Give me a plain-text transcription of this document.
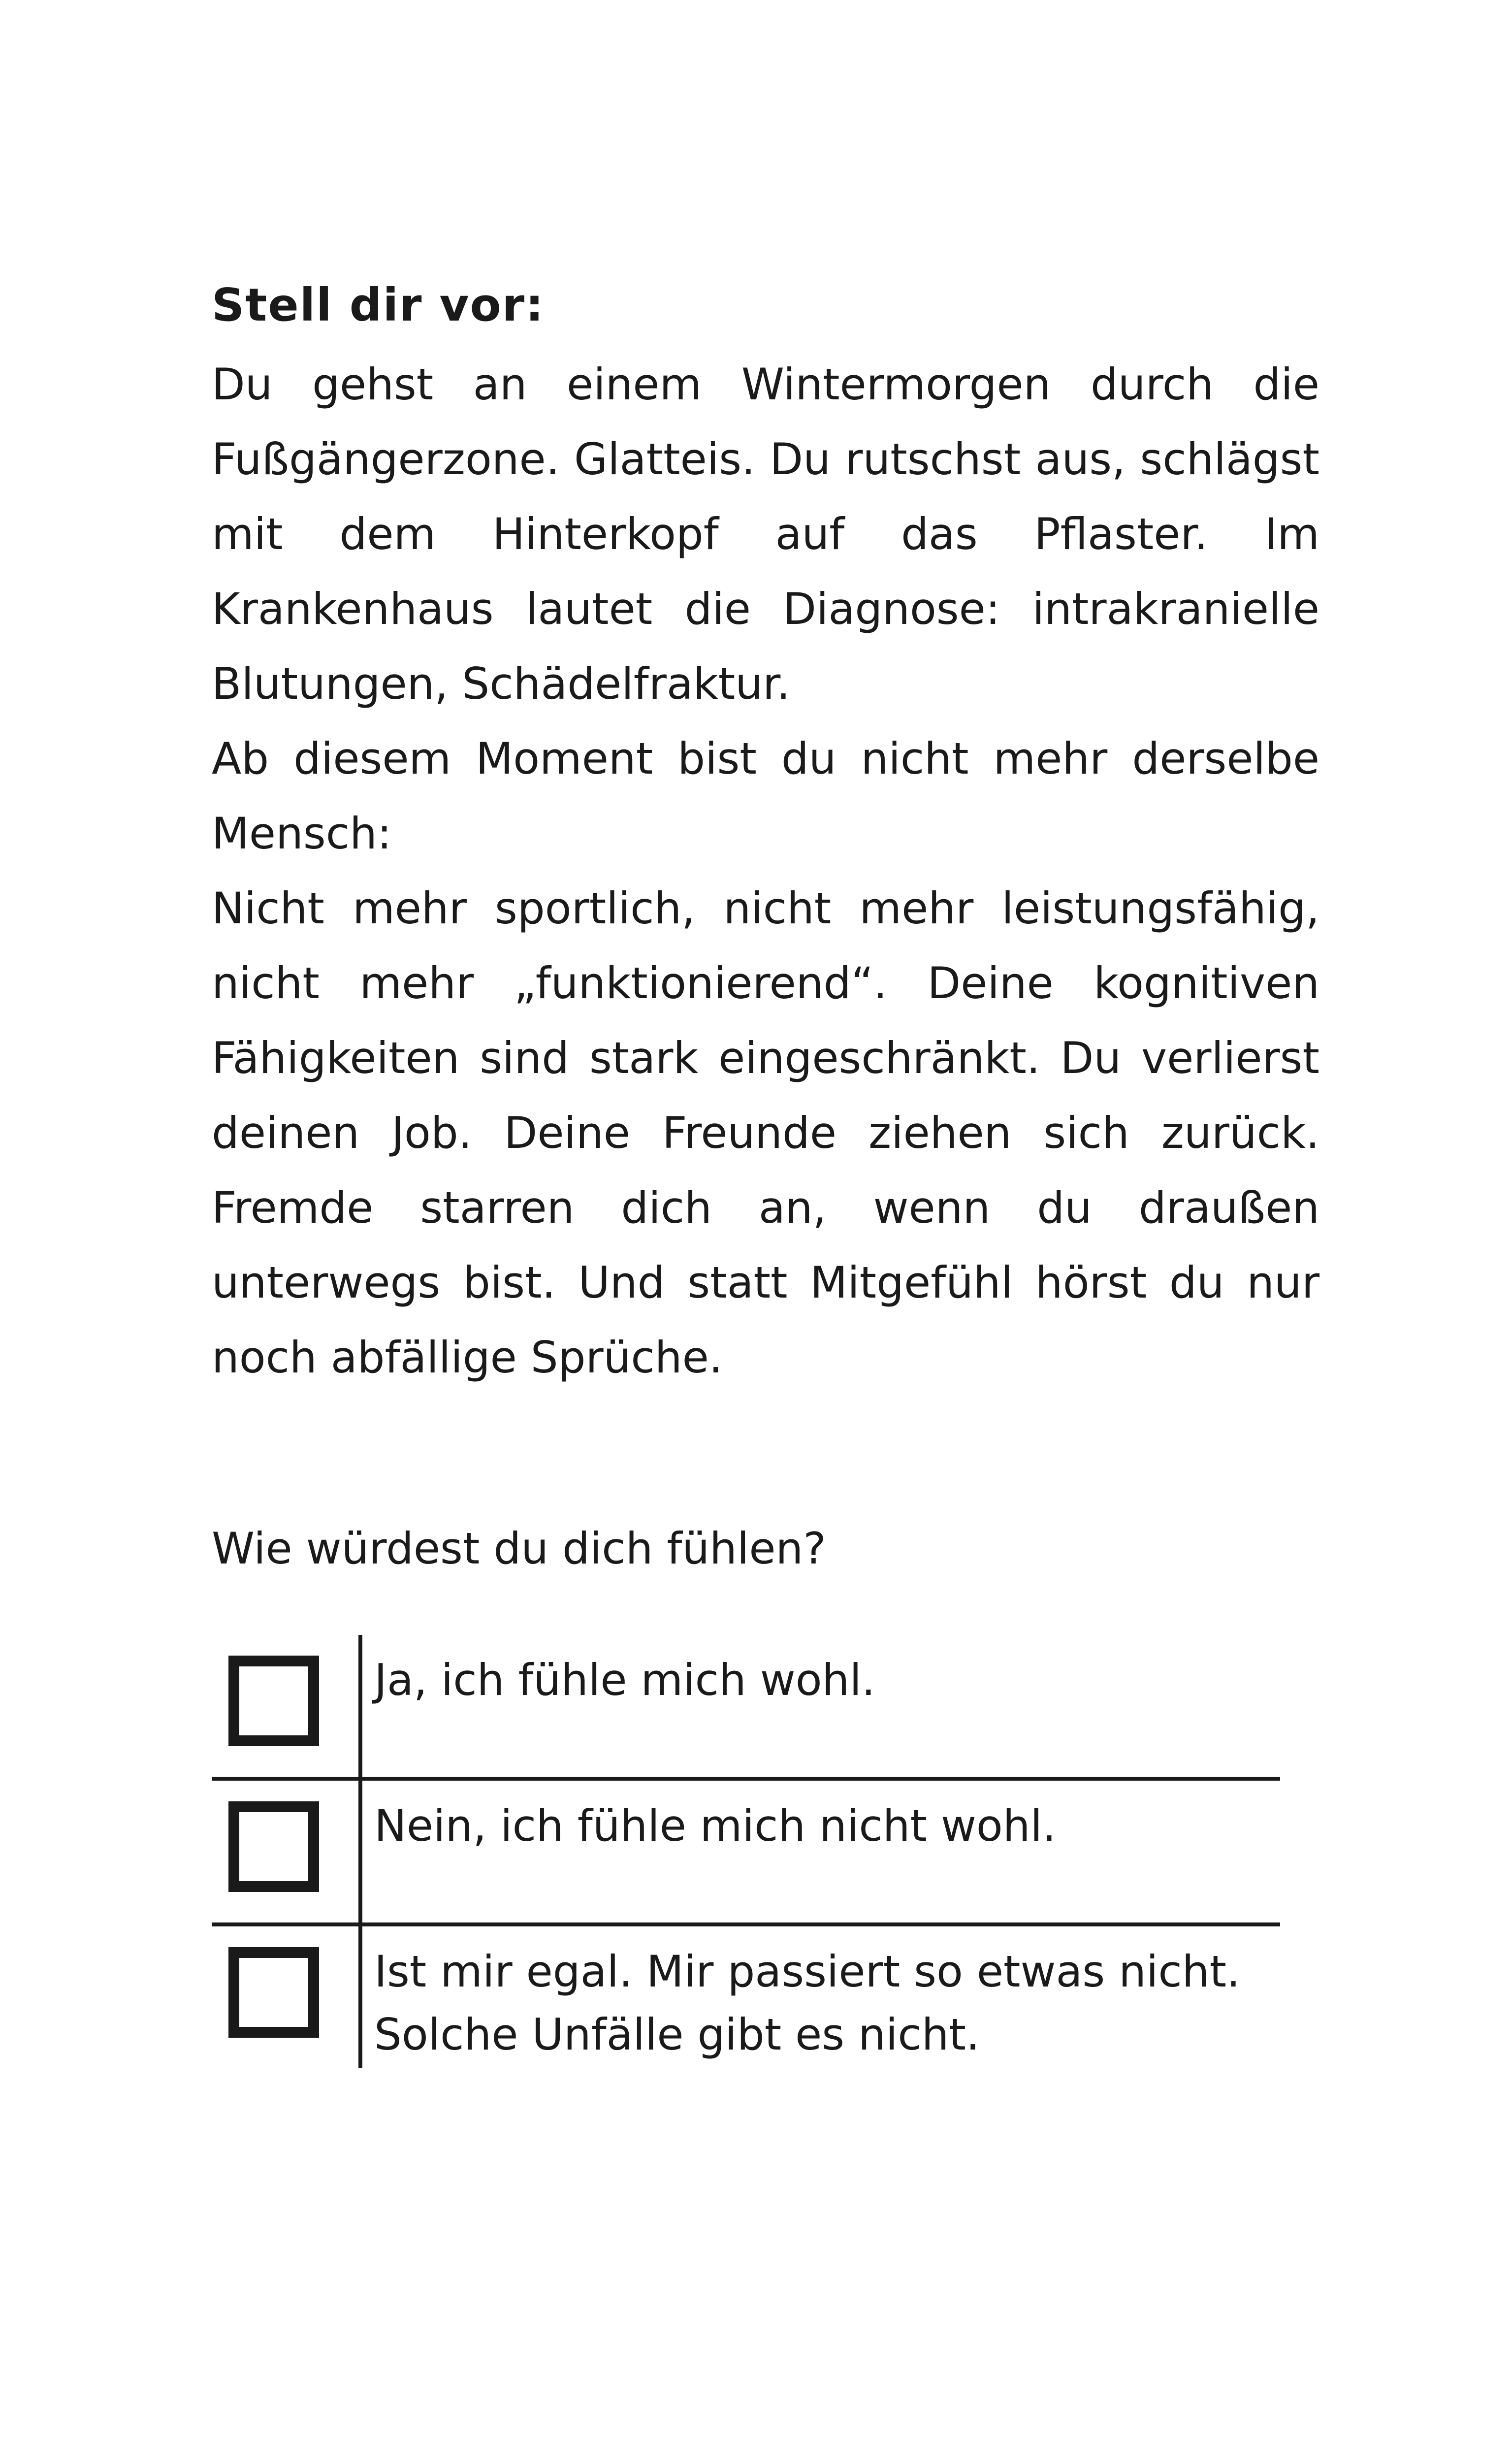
Stell dir vor:

Du gehst an einem Wintermorgen durch die Fußgängerzone. Glatteis. Du rutschst aus, schlägst mit dem Hinterkopf auf das Pflaster. Im Krankenhaus lautet die Diagnose: intrakranielle Blutungen, Schädelfraktur.

Ab diesem Moment bist du nicht mehr derselbe Mensch:

Nicht mehr sportlich, nicht mehr leistungsfähig, nicht mehr „funktionierend“. Deine kognitiven Fähigkeiten sind stark eingeschränkt. Du verlierst deinen Job. Deine Freunde ziehen sich zurück. Fremde starren dich an, wenn du draußen unterwegs bist. Und statt Mitgefühl hörst du nur noch abfällige Sprüche.

Wie würdest du dich fühlen?

Ja, ich fühle mich wohl.
Nein, ich fühle mich nicht wohl.
Ist mir egal. Mir passiert so etwas nicht. Solche Unfälle gibt es nicht.
